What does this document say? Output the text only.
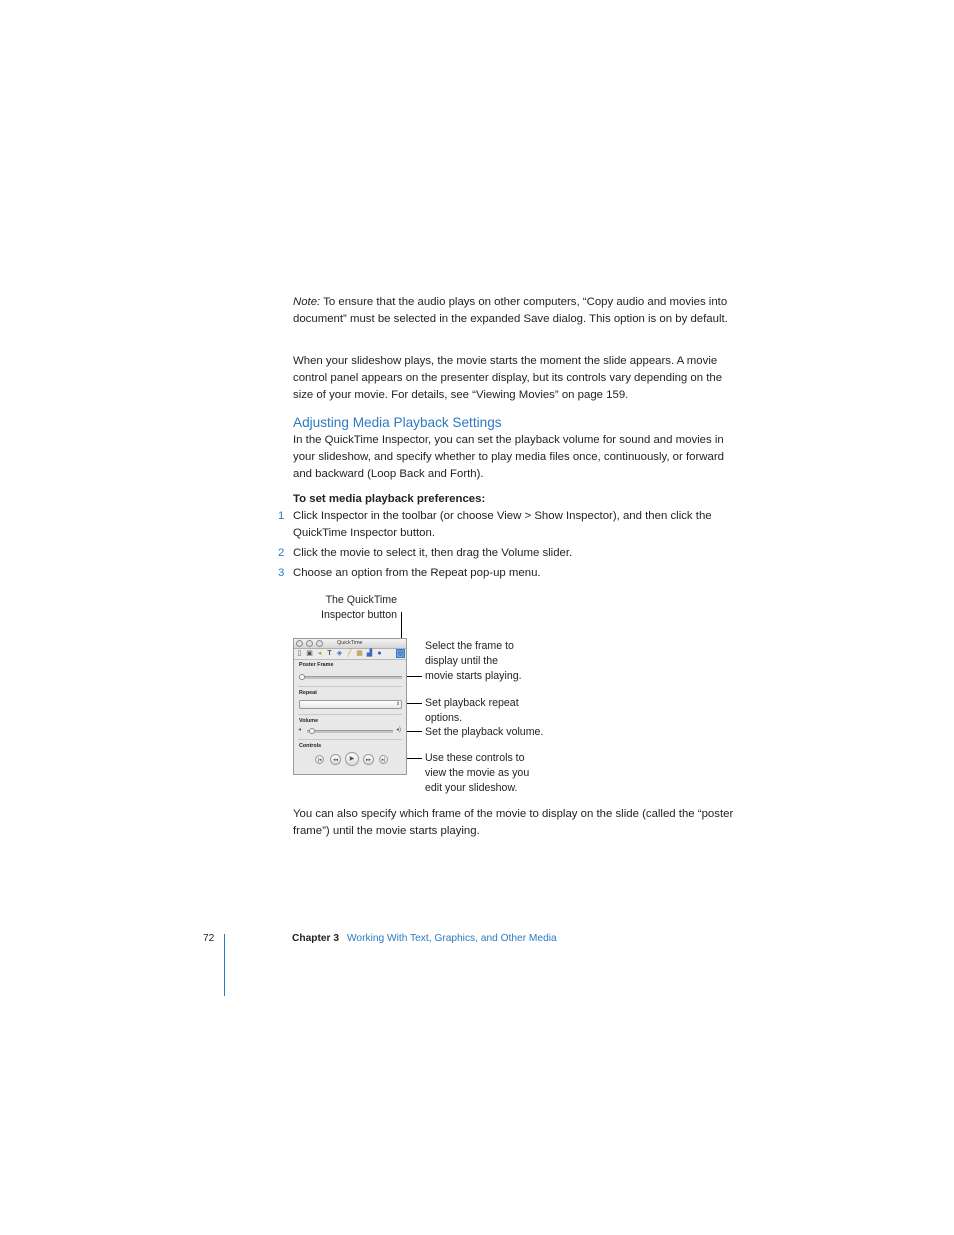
Note: To ensure that the audio plays on other computers, “Copy audio and movies into document” must be selected in the expanded Save dialog. This option is on by default.
When your slideshow plays, the movie starts the moment the slide appears. A movie control panel appears on the presenter display, but its controls vary depending on the size of your movie. For details, see “Viewing Movies” on page 159.
Adjusting Media Playback Settings
In the QuickTime Inspector, you can set the playback volume for sound and movies in your slideshow, and specify whether to play media files once, continuously, or forward and backward (Loop Back and Forth).
To set media playback preferences:
1 Click Inspector in the toolbar (or choose View > Show Inspector), and then click the QuickTime Inspector button.
2 Click the movie to select it, then drag the Volume slider.
3 Choose an option from the Repeat pop-up menu.
The QuickTime
Inspector button
Select the frame to
display until the
movie starts playing.
Set playback repeat
options.
Set the playback volume.
Use these controls to
view the movie as you
edit your slideshow.
QuickTime
▯ ▣ ◂ T ◈ ╱ ▦ ▟ ● ◎
Poster Frame
Repeat
⇕
Volume
◂	◂)
Controls
|◂	◂◂	▶	▸▸	▸|
You can also specify which frame of the movie to display on the slide (called the “poster frame”) until the movie starts playing.
72	Chapter 3 Working With Text, Graphics, and Other Media
